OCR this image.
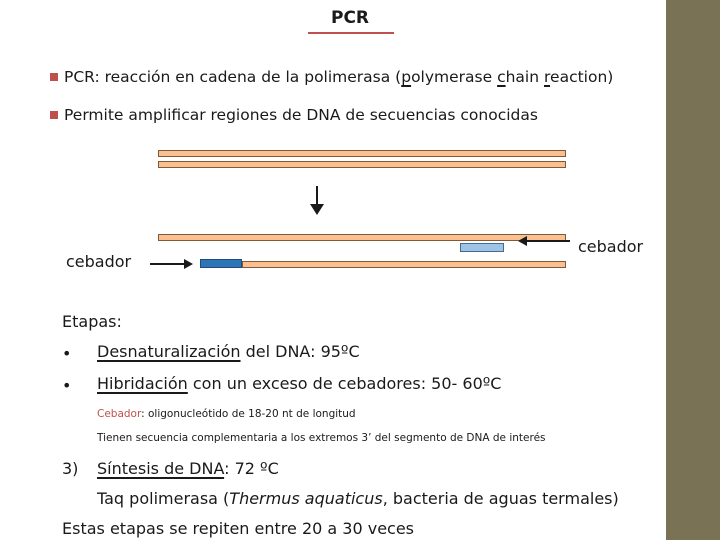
PCR
PCR: reacción en cadena de la polimerasa (polymerase chain reaction)
Permite amplificar regiones de DNA de secuencias conocidas
cebador
cebador
Etapas:
• Desnaturalización del DNA: 95ºC
• Hibridación con un exceso de cebadores: 50- 60ºC
Cebador: oligonucleótido de 18-20 nt de longitud
Tienen secuencia complementaria a los extremos 3’ del segmento de DNA de interés
3) Síntesis de DNA: 72 ºC
Taq polimerasa (Thermus aquaticus, bacteria de aguas termales)
Estas etapas se repiten entre 20 a 30 veces
